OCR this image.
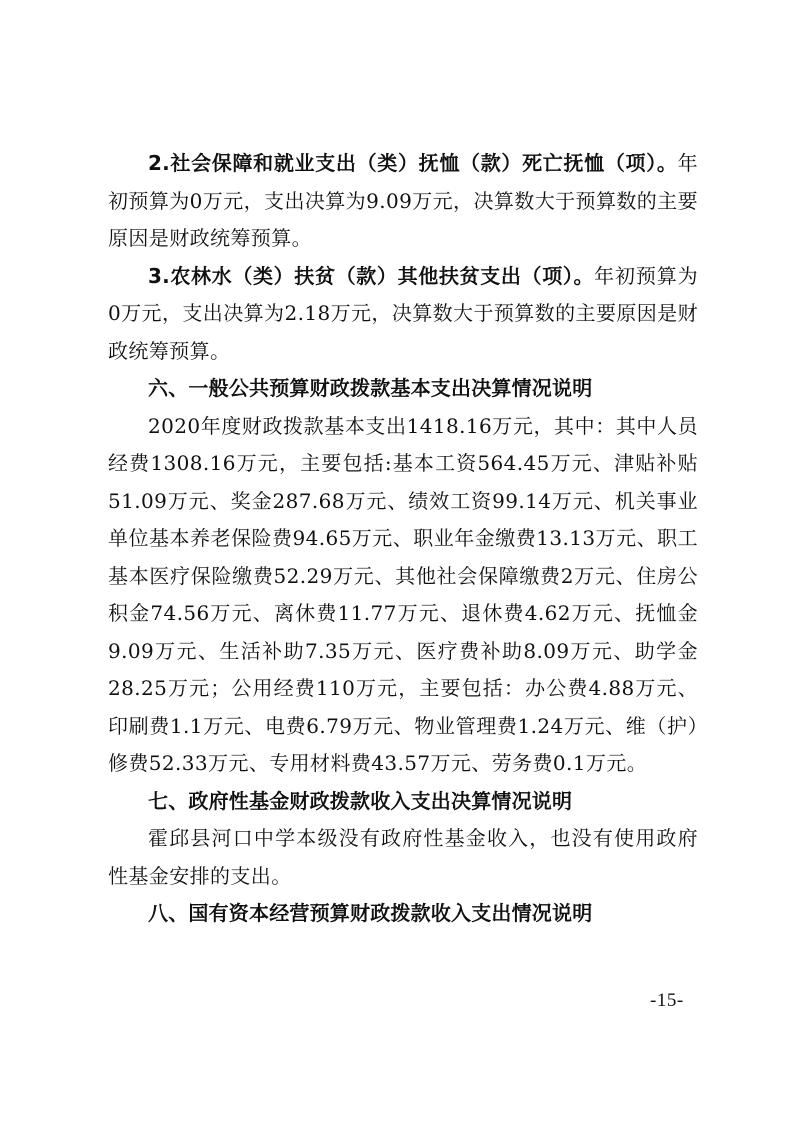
2.社会保障和就业支出（类）抚恤（款）死亡抚恤（项）。年初预算为0万元，支出决算为9.09万元，决算数大于预算数的主要原因是财政统筹预算。

3.农林水（类）扶贫（款）其他扶贫支出（项）。年初预算为0万元，支出决算为2.18万元，决算数大于预算数的主要原因是财政统筹预算。

六、一般公共预算财政拨款基本支出决算情况说明

2020年度财政拨款基本支出1418.16万元，其中：其中人员经费1308.16万元，主要包括:基本工资564.45万元、津贴补贴51.09万元、奖金287.68万元、绩效工资99.14万元、机关事业单位基本养老保险费94.65万元、职业年金缴费13.13万元、职工基本医疗保险缴费52.29万元、其他社会保障缴费2万元、住房公积金74.56万元、离休费11.77万元、退休费4.62万元、抚恤金9.09万元、生活补助7.35万元、医疗费补助8.09万元、助学金28.25万元；公用经费110万元，主要包括：办公费4.88万元、印刷费1.1万元、电费6.79万元、物业管理费1.24万元、维（护）修费52.33万元、专用材料费43.57万元、劳务费0.1万元。

七、政府性基金财政拨款收入支出决算情况说明

霍邱县河口中学本级没有政府性基金收入，也没有使用政府性基金安排的支出。

八、国有资本经营预算财政拨款收入支出情况说明

-15-
